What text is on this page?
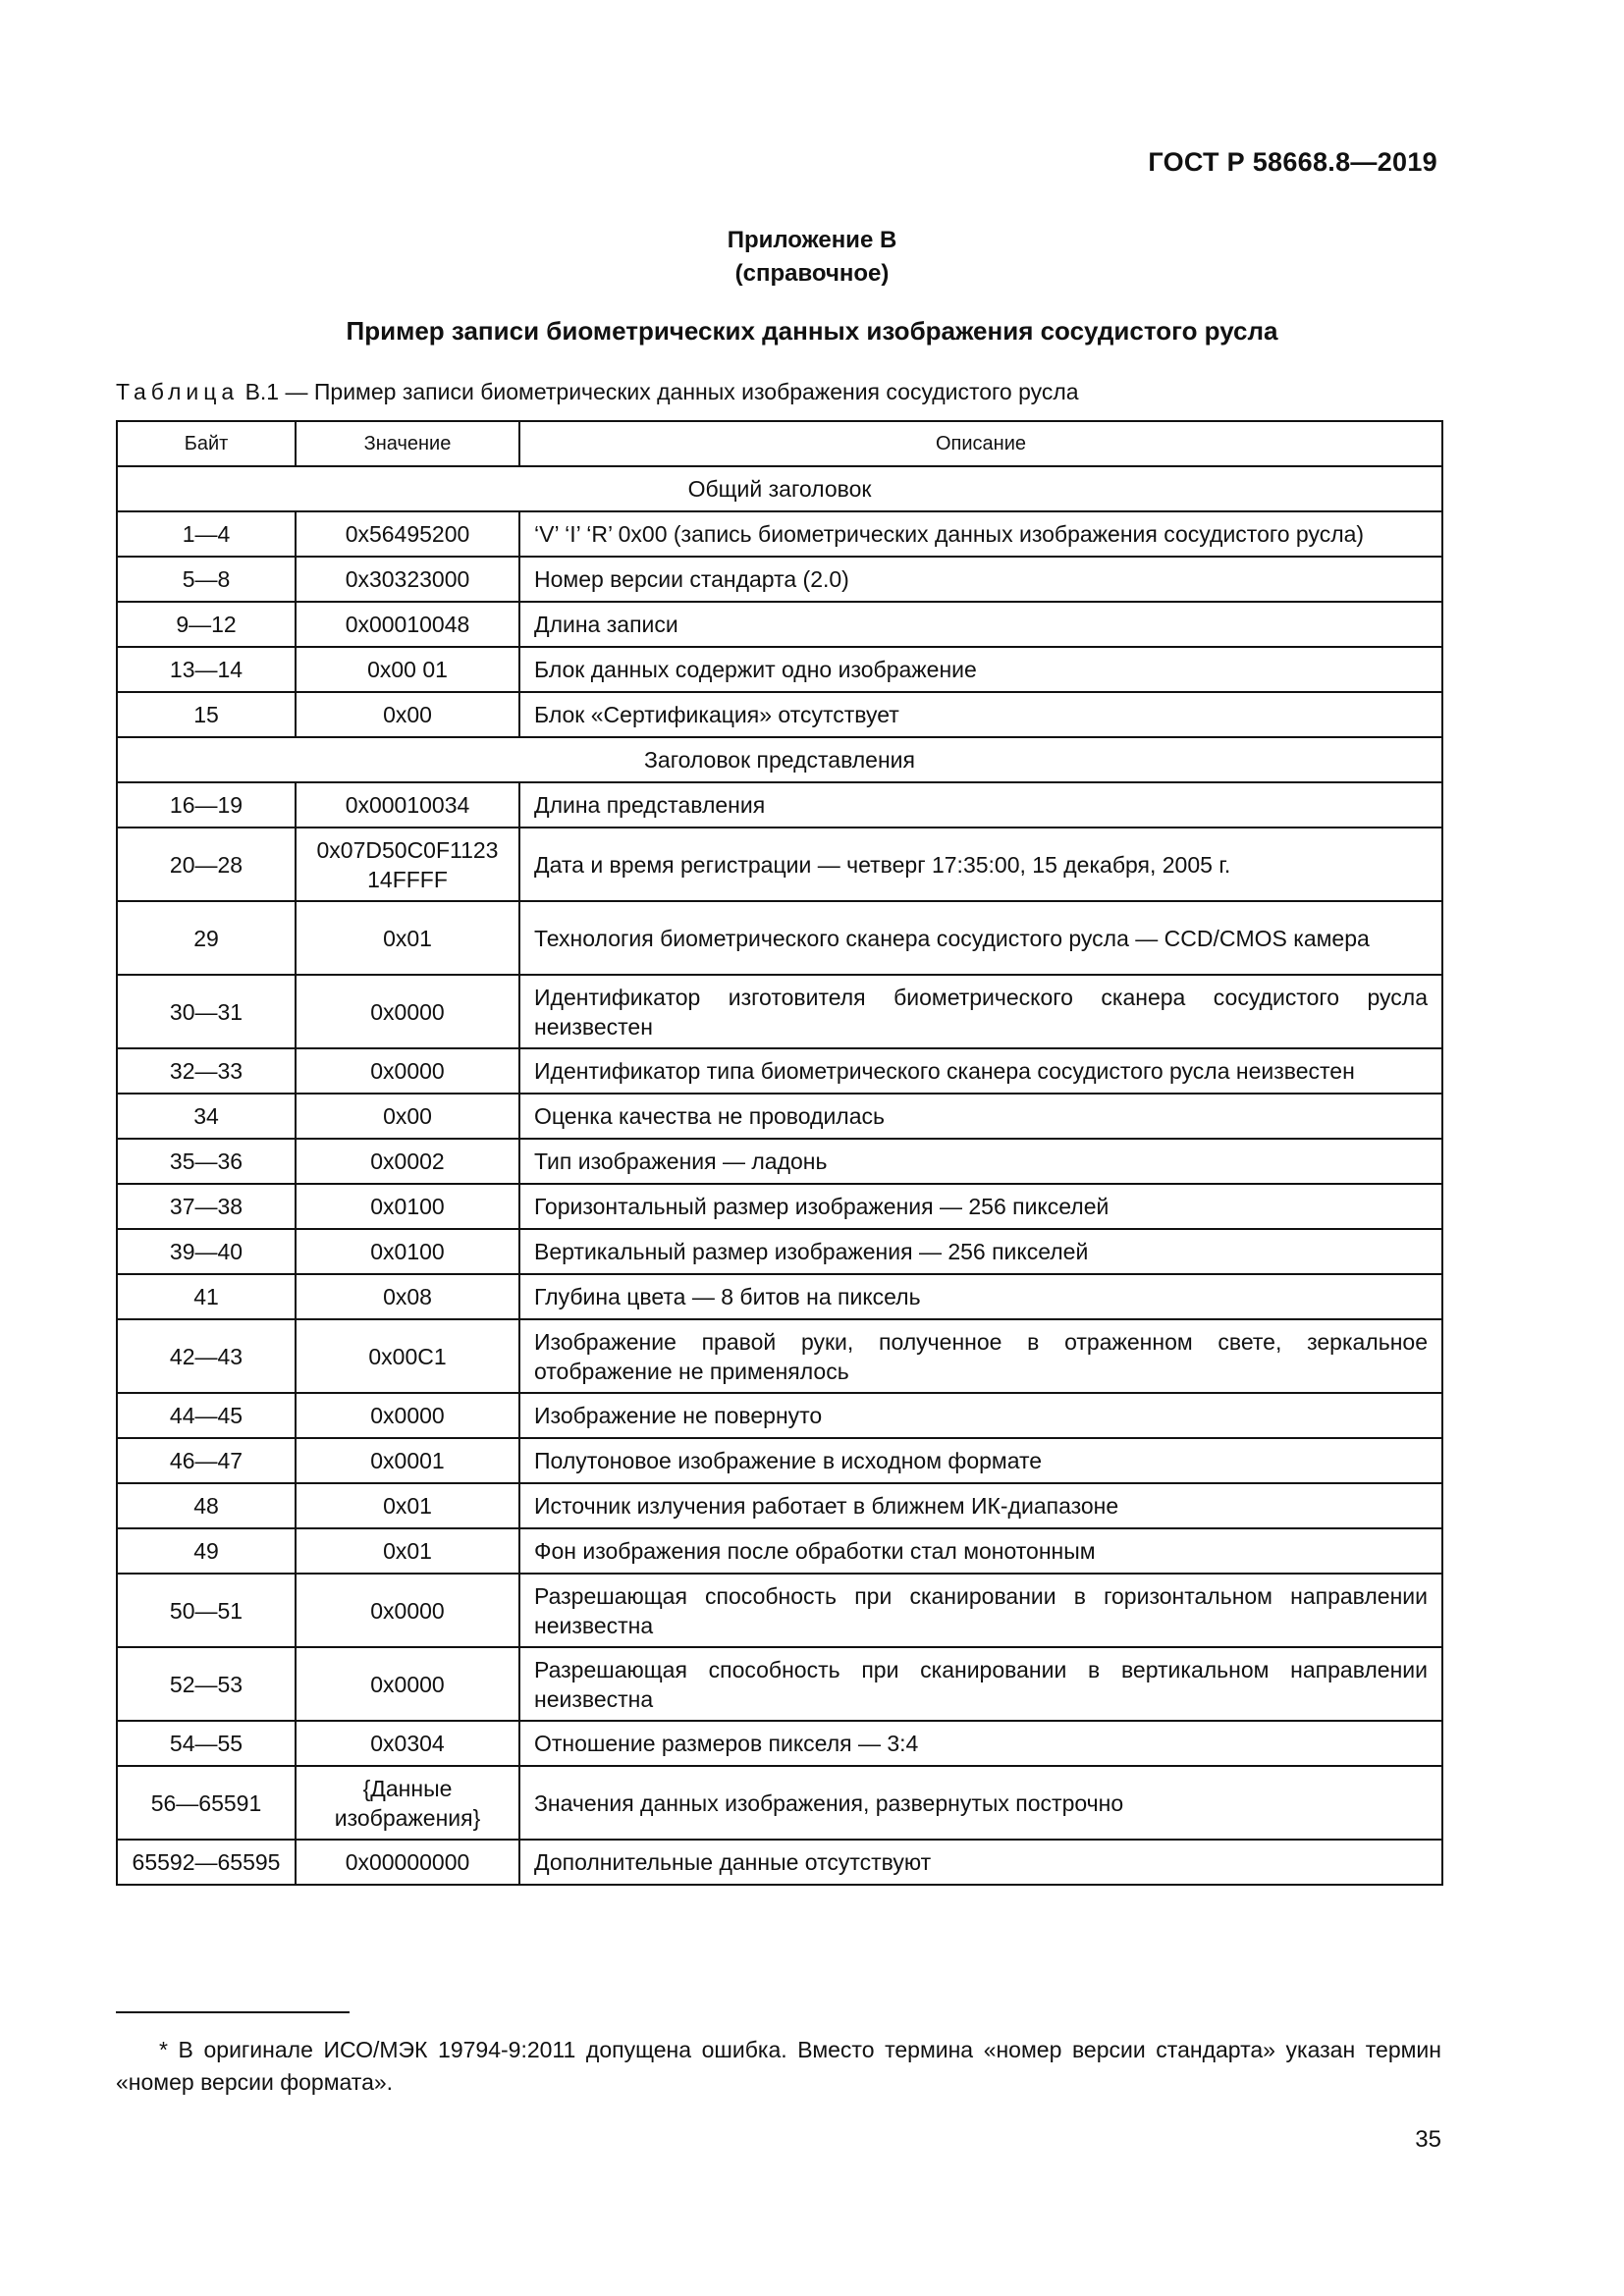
ГОСТ Р 58668.8—2019
Приложение В
(справочное)
Пример записи биометрических данных изображения сосудистого русла
Таблица В.1 — Пример записи биометрических данных изображения сосудистого русла
Байт	Значение	Описание
Общий заголовок		
1—4	0x56495200	‘V’ ‘I’ ‘R’ 0x00 (запись биометрических данных изображения сосудистого русла)
5—8	0x30323000	Номер версии стандарта (2.0)
9—12	0x00010048	Длина записи
13—14	0x00 01	Блок данных содержит одно изображение
15	0x00	Блок «Сертификация» отсутствует
Заголовок представления		
16—19	0x00010034	Длина представления
20—28	0x07D50C0F1123 14FFFF	Дата и время регистрации — четверг 17:35:00, 15 декабря, 2005 г.
29	0x01	Технология биометрического сканера сосудистого русла — CCD/CMOS камера
30—31	0x0000	Идентификатор изготовителя биометрического сканера сосудистого русла неизвестен
32—33	0x0000	Идентификатор типа биометрического сканера сосудистого русла неизвестен
34	0x00	Оценка качества не проводилась
35—36	0x0002	Тип изображения — ладонь
37—38	0x0100	Горизонтальный размер изображения — 256 пикселей
39—40	0x0100	Вертикальный размер изображения — 256 пикселей
41	0x08	Глубина цвета — 8 битов на пиксель
42—43	0x00C1	Изображение правой руки, полученное в отраженном свете, зеркальное отображение не применялось
44—45	0x0000	Изображение не повернуто
46—47	0x0001	Полутоновое изображение в исходном формате
48	0x01	Источник излучения работает в ближнем ИК-диапазоне
49	0x01	Фон изображения после обработки стал монотонным
50—51	0x0000	Разрешающая способность при сканировании в горизонтальном направлении неизвестна
52—53	0x0000	Разрешающая способность при сканировании в вертикальном направлении неизвестна
54—55	0x0304	Отношение размеров пикселя — 3:4
56—65591	{Данные изображения}	Значения данных изображения, развернутых построчно
65592—65595	0x00000000	Дополнительные данные отсутствуют
* В оригинале ИСО/МЭК 19794-9:2011 допущена ошибка. Вместо термина «номер версии стандарта» указан термин «номер версии формата».
35
